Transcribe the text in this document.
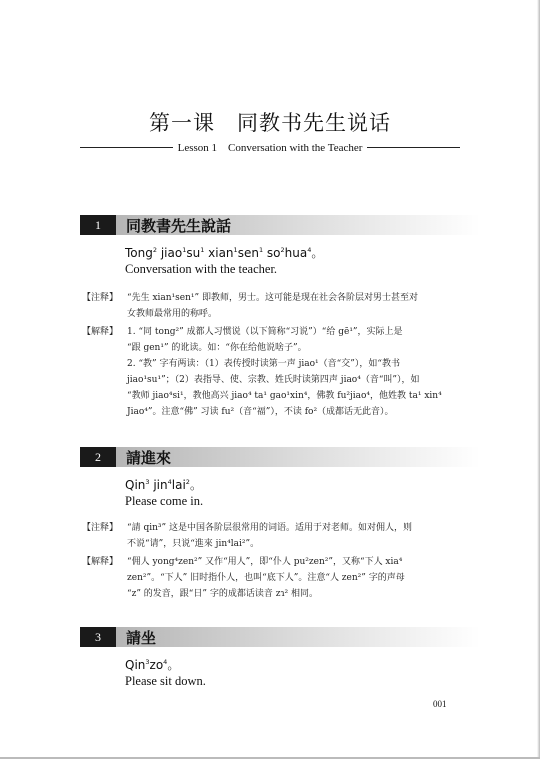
第一课　同教书先生说话
Lesson 1　Conversation with the Teacher
1	同教書先生說話
Tong$^2$ $jiao^1su^1$ xian$^1$sen$^1$ $so^2hua^4$。
Conversation with the teacher.
【注释】 “先生 xian¹sen¹” 即教师，男士。这可能是现在社会各阶层对男士甚至对

女教师最常用的称呼。

【解释】 1. “同 tong²” 成都人习惯说（以下简称“习说”）“给 gē¹”，实际上是

“跟 gen¹” 的讹读。如：“你在给他说啥子”。

2. “教” 字有两读：（1）表传授时读第一声 jiao¹（音“交”），如“教书

jiao¹su¹”；（2）表指导、使、宗教、姓氏时读第四声 jiao⁴（音“叫”），如

“教师 jiao⁴si¹，教他高兴 jiao⁴ ta¹ gao¹xin⁴，佛教 fu²jiao⁴，他姓教 ta¹ xin⁴

Jiao⁴”。注意“佛” 习读 fu²（音“福”），不读 fo²（成都话无此音）。

2	請進來
Qin$^3$ jin$^4$lai$^2$。
Please come in.
【注释】 “請 qin³” 这是中国各阶层很常用的词语。适用于对老师。如对佣人，则

不说“请”，只说“進來 jin⁴lai²”。

【解释】 “佣人 yong⁴zen²” 又作“用人”，即“仆人 pu²zen²”，又称“下人 xia⁴

zen²”。“下人” 旧时指仆人，也叫“底下人”。注意“人 zen²” 字的声母

“z” 的发音，跟“日” 字的成都话读音 zɿ² 相同。

3	請坐
$Qin^3zo^4$。
Please sit down.
001
